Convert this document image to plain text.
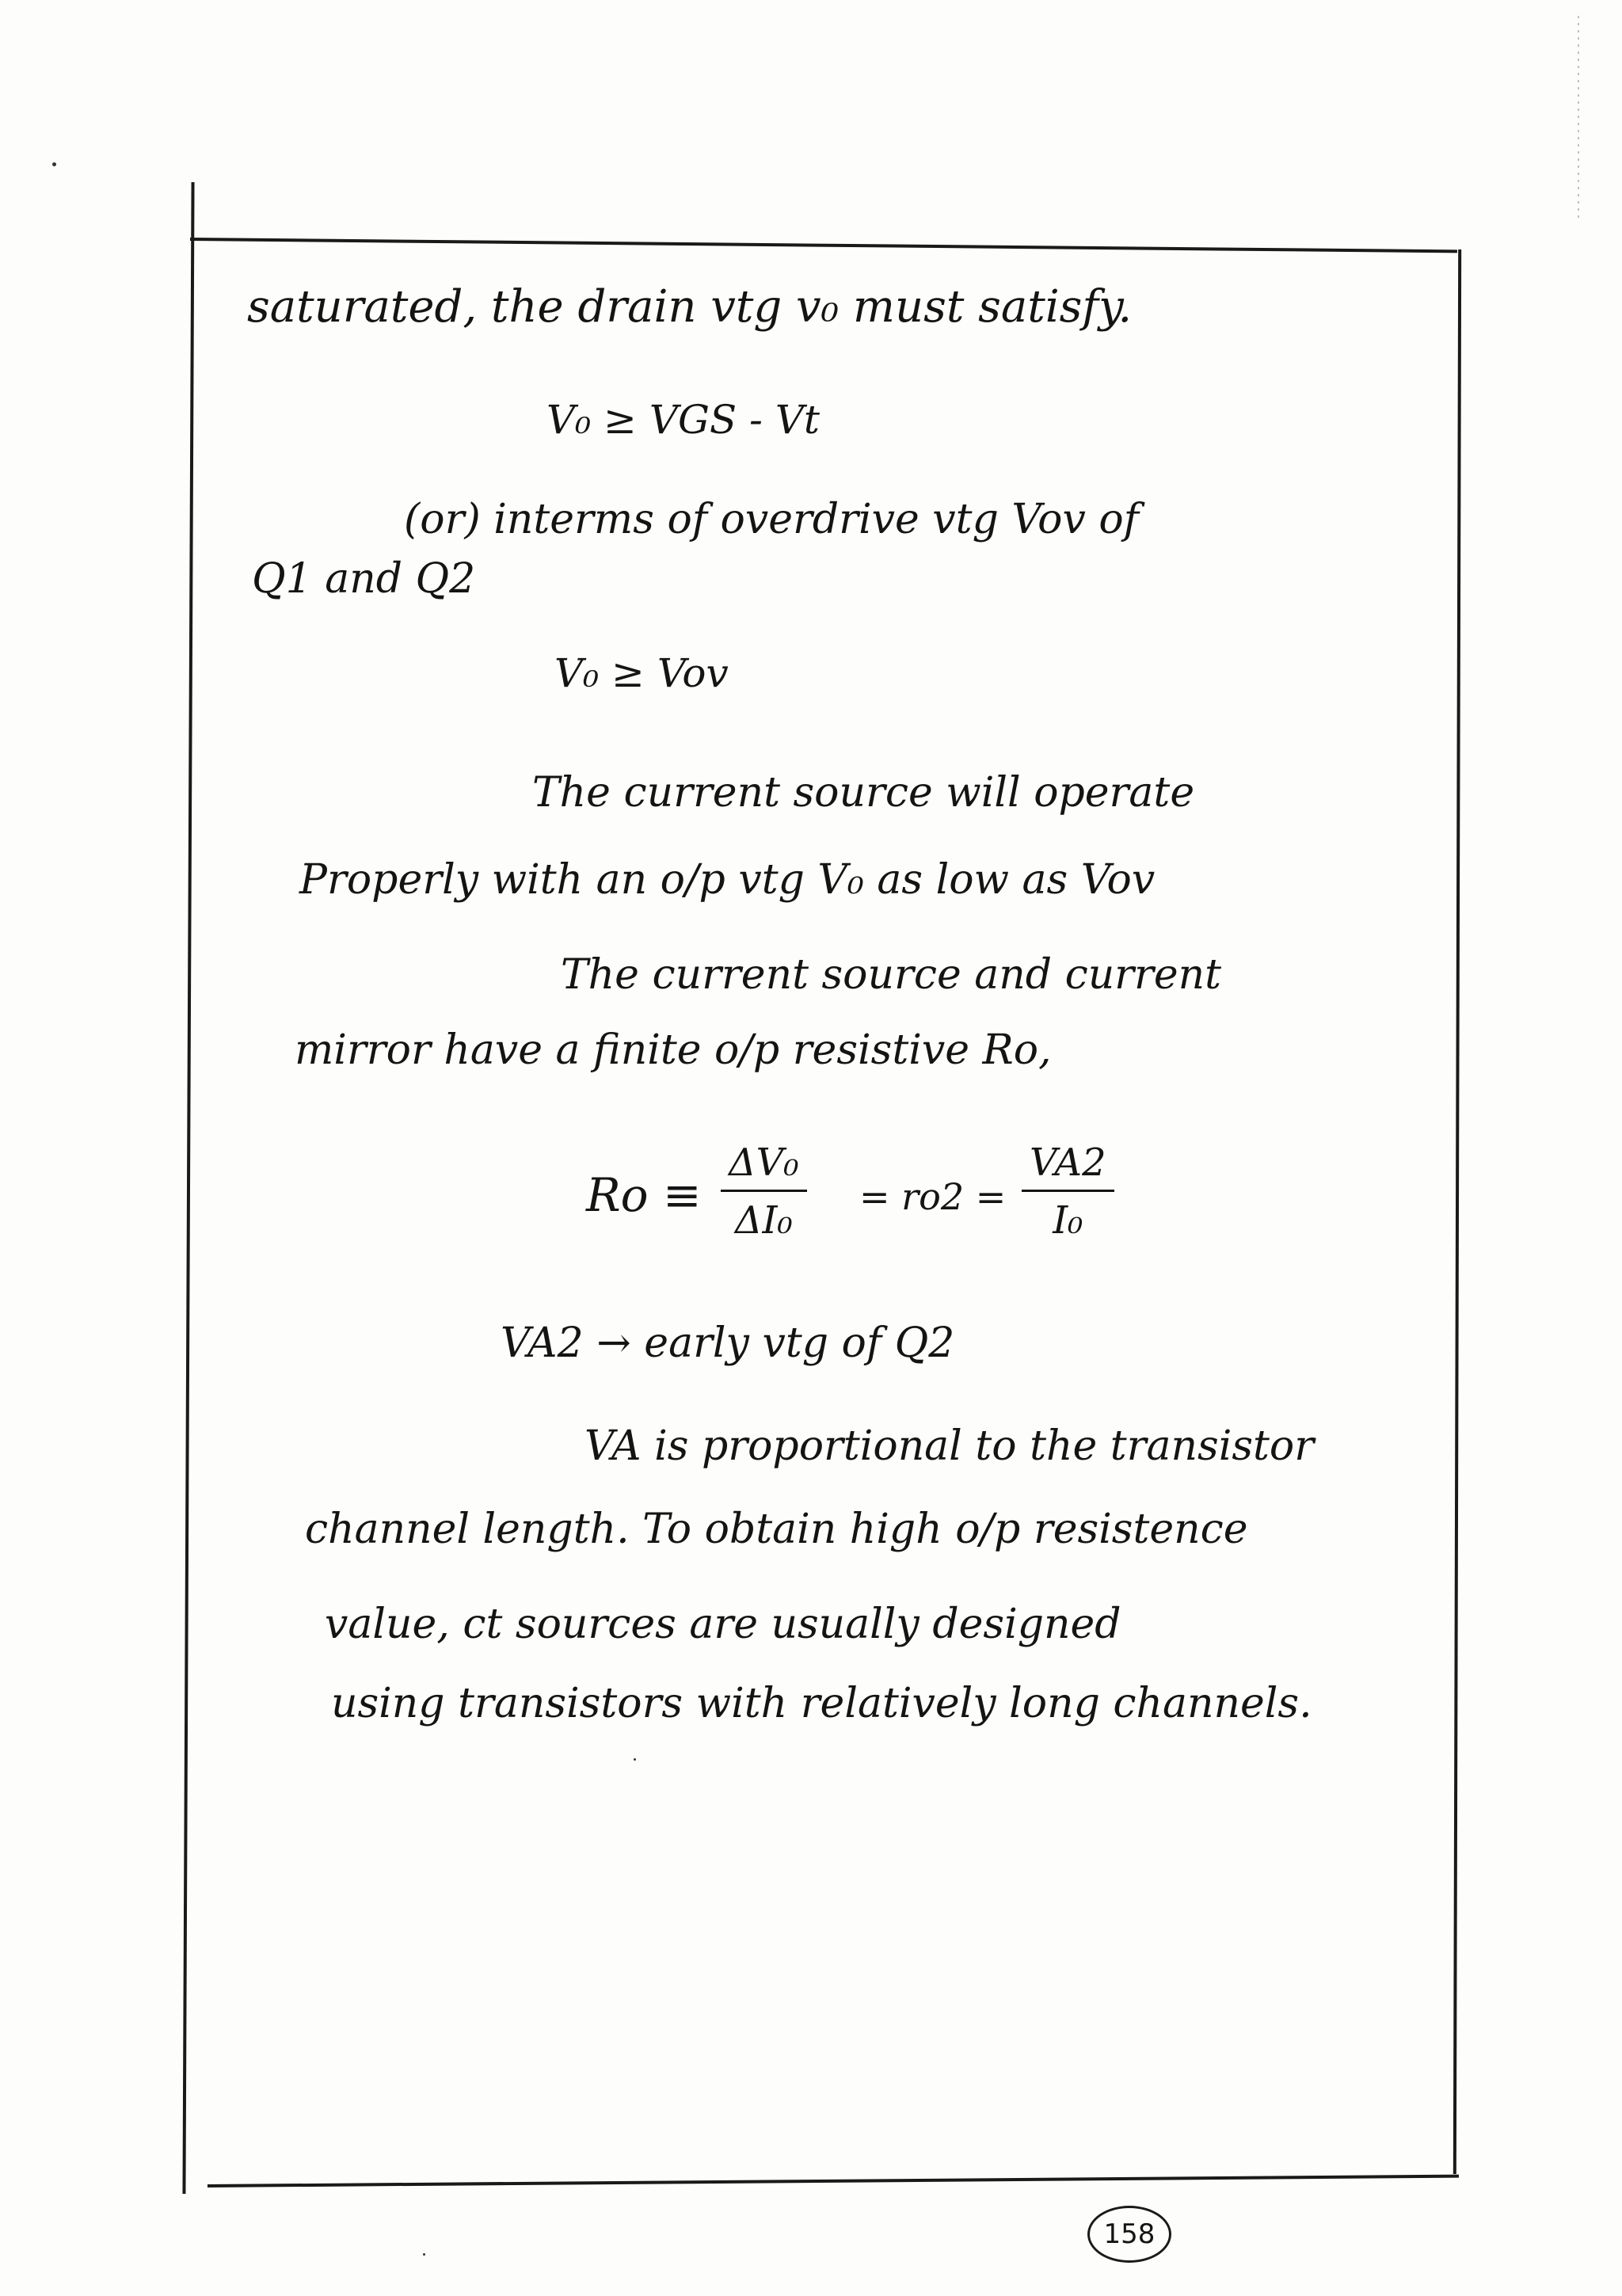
saturated, the drain vtg v₀ must satisfy.
V₀ ≥ VGS - Vt
(or) interms of overdrive vtg Vov of
Q1 and Q2
V₀ ≥ Vov
The current source will operate
Properly with an o/p vtg V₀ as low as Vov
The current source and current
mirror have a finite o/p resistive Ro,
$Ro \equiv \frac{\text{ΔV₀}}{\text{ΔI₀}} = ro2 = \frac{VA2}{\text{I₀}}$
VA2 → early vtg of Q2
VA is proportional to the transistor
channel length. To obtain high o/p resistence
value, ct sources are usually designed
using transistors with relatively long channels.
158
